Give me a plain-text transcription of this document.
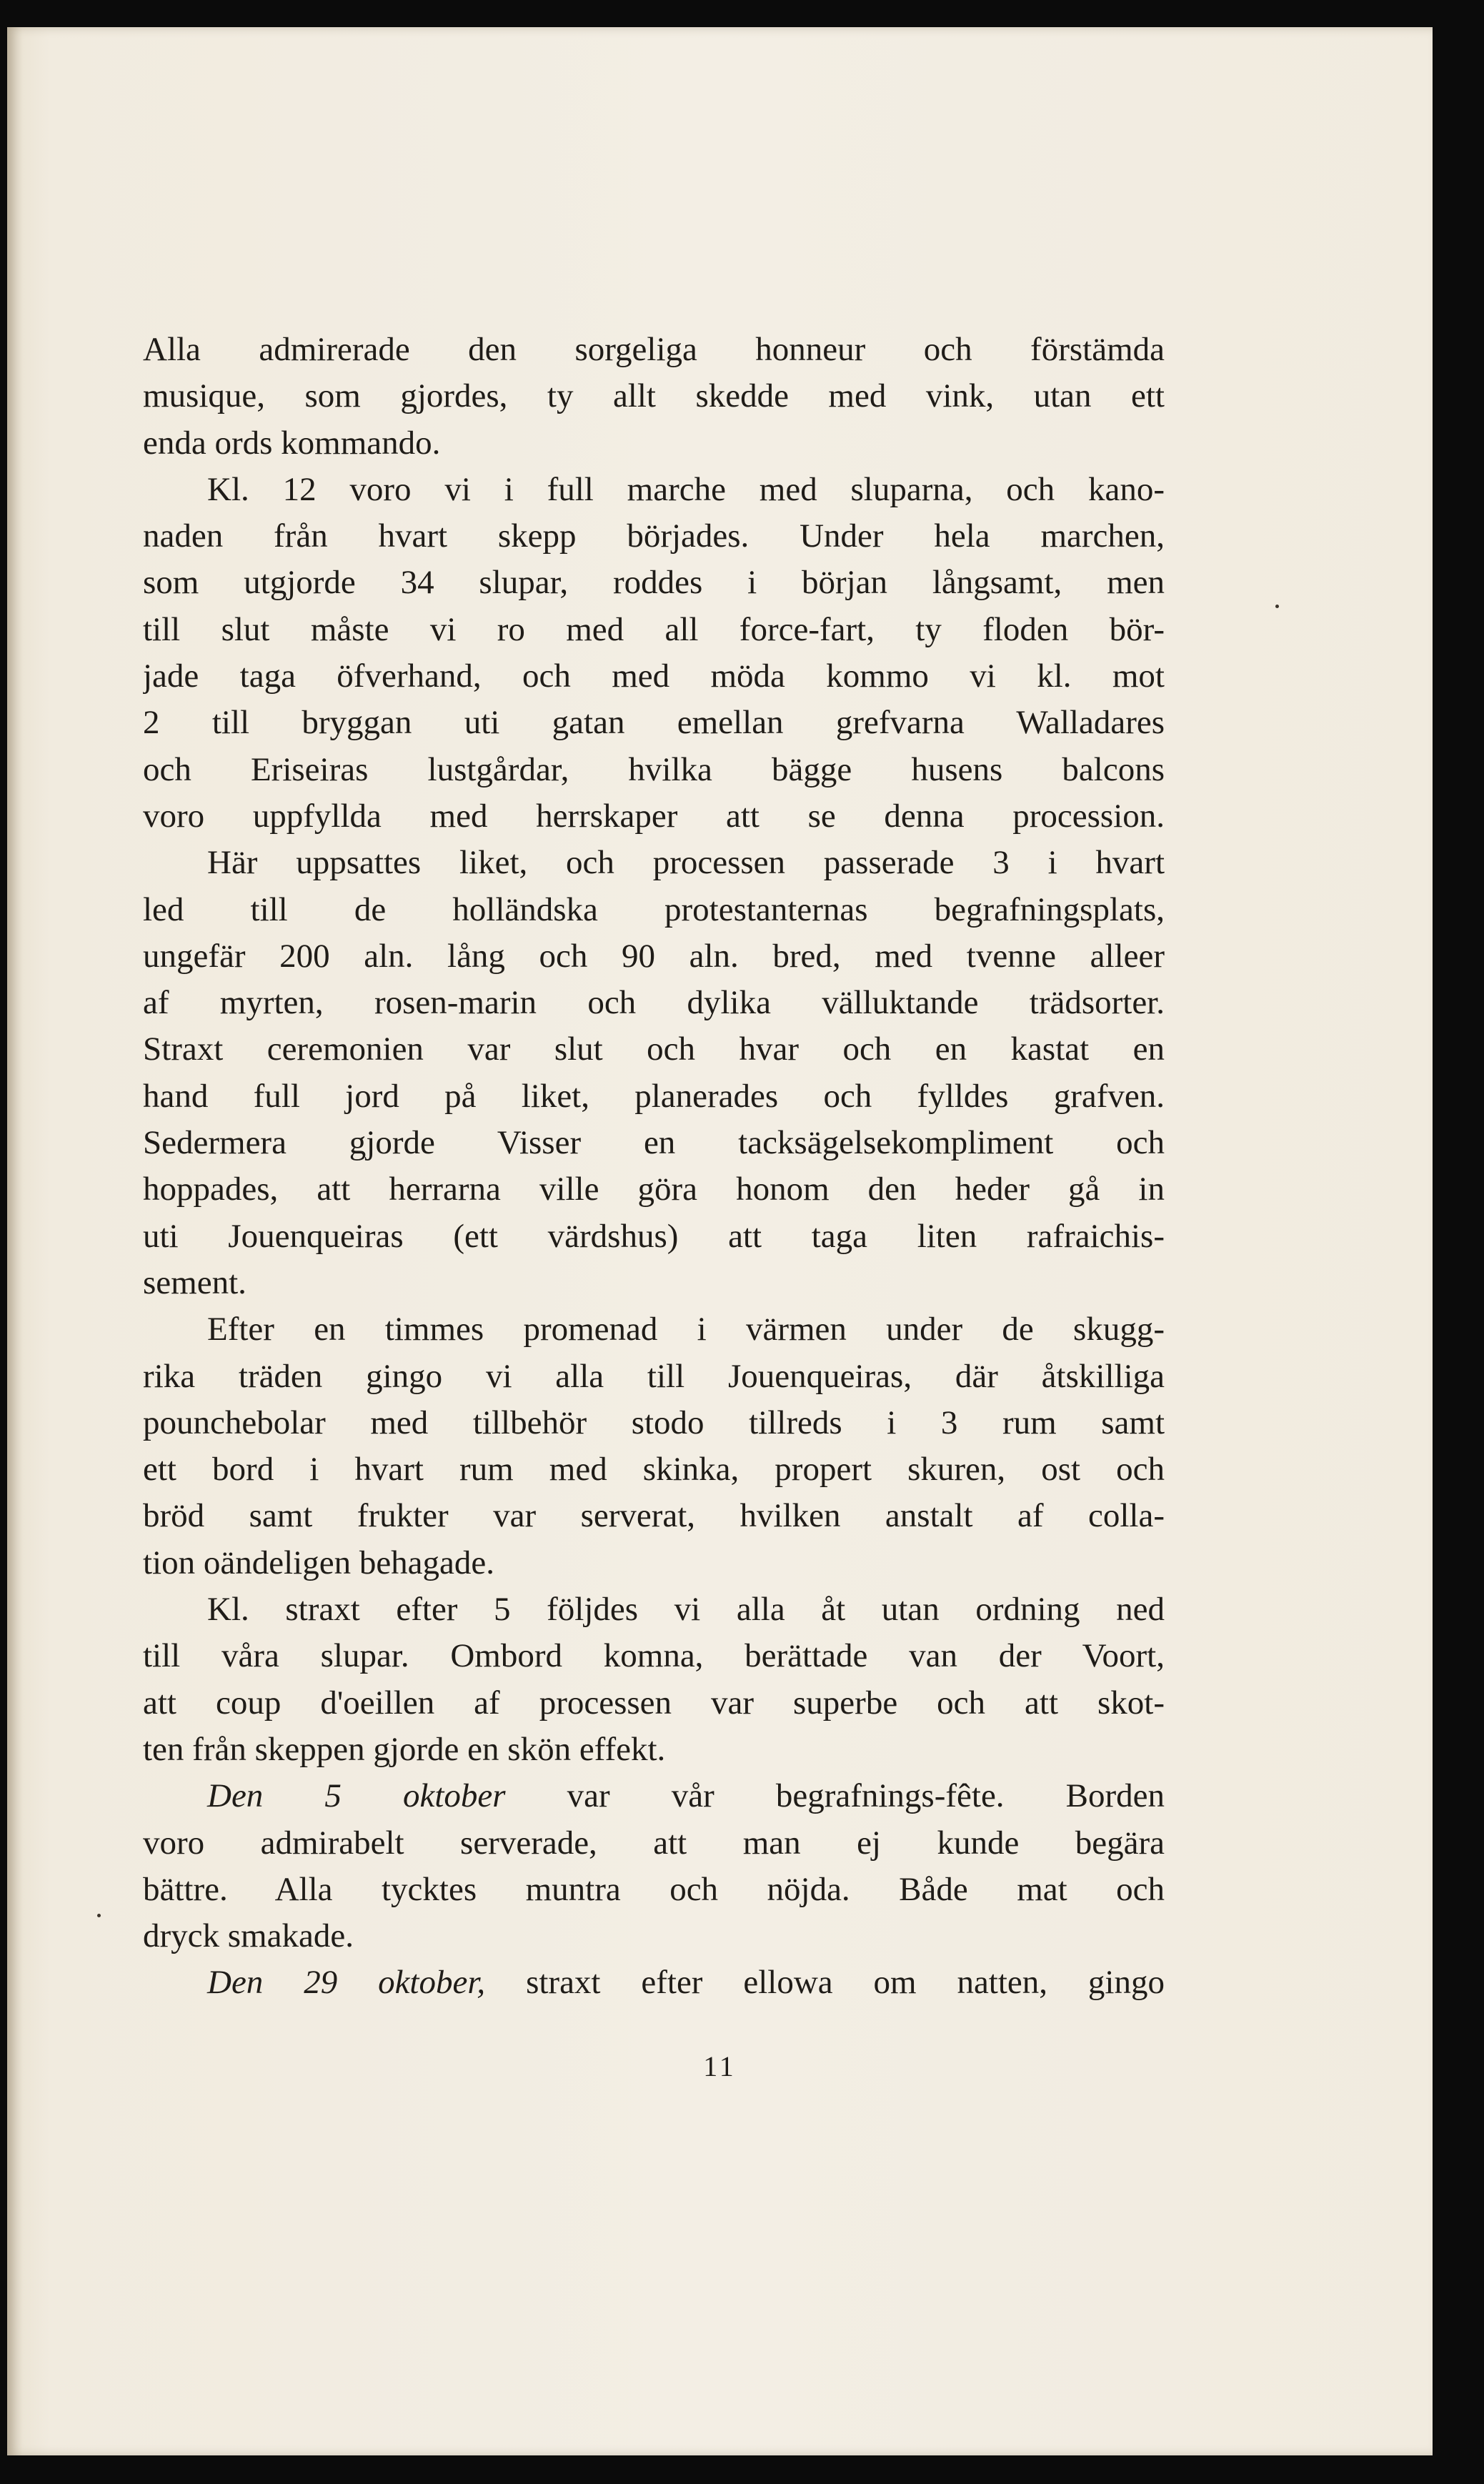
Alla admirerade den sorgeliga honneur och förstämda
musique, som gjordes, ty allt skedde med vink, utan ett
enda ords kommando.
Kl. 12 voro vi i full marche med sluparna, och kano-
naden från hvart skepp börjades. Under hela marchen,
som utgjorde 34 slupar, roddes i början långsamt, men
till slut måste vi ro med all force-fart, ty floden bör-
jade taga öfverhand, och med möda kommo vi kl. mot
2 till bryggan uti gatan emellan grefvarna Walladares
och Eriseiras lustgårdar, hvilka bägge husens balcons
voro uppfyllda med herrskaper att se denna procession.
Här uppsattes liket, och processen passerade 3 i hvart
led till de holländska protestanternas begrafningsplats,
ungefär 200 aln. lång och 90 aln. bred, med tvenne alleer
af myrten, rosen-marin och dylika välluktande trädsorter.
Straxt ceremonien var slut och hvar och en kastat en
hand full jord på liket, planerades och fylldes grafven.
Sedermera gjorde Visser en tacksägelsekompliment och
hoppades, att herrarna ville göra honom den heder gå in
uti Jouenqueiras (ett värdshus) att taga liten rafraichis-
sement.
Efter en timmes promenad i värmen under de skugg-
rika träden gingo vi alla till Jouenqueiras, där åtskilliga
pounchebolar med tillbehör stodo tillreds i 3 rum samt
ett bord i hvart rum med skinka, propert skuren, ost och
bröd samt frukter var serverat, hvilken anstalt af colla-
tion oändeligen behagade.
Kl. straxt efter 5 följdes vi alla åt utan ordning ned
till våra slupar. Ombord komna, berättade van der Voort,
att coup d'oeillen af processen var superbe och att skot-
ten från skeppen gjorde en skön effekt.
Den 5 oktober var vår begrafnings-fête. Borden
voro admirabelt serverade, att man ej kunde begära
bättre. Alla tycktes muntra och nöjda. Både mat och
dryck smakade.
Den 29 oktober, straxt efter ellowa om natten, gingo
11
